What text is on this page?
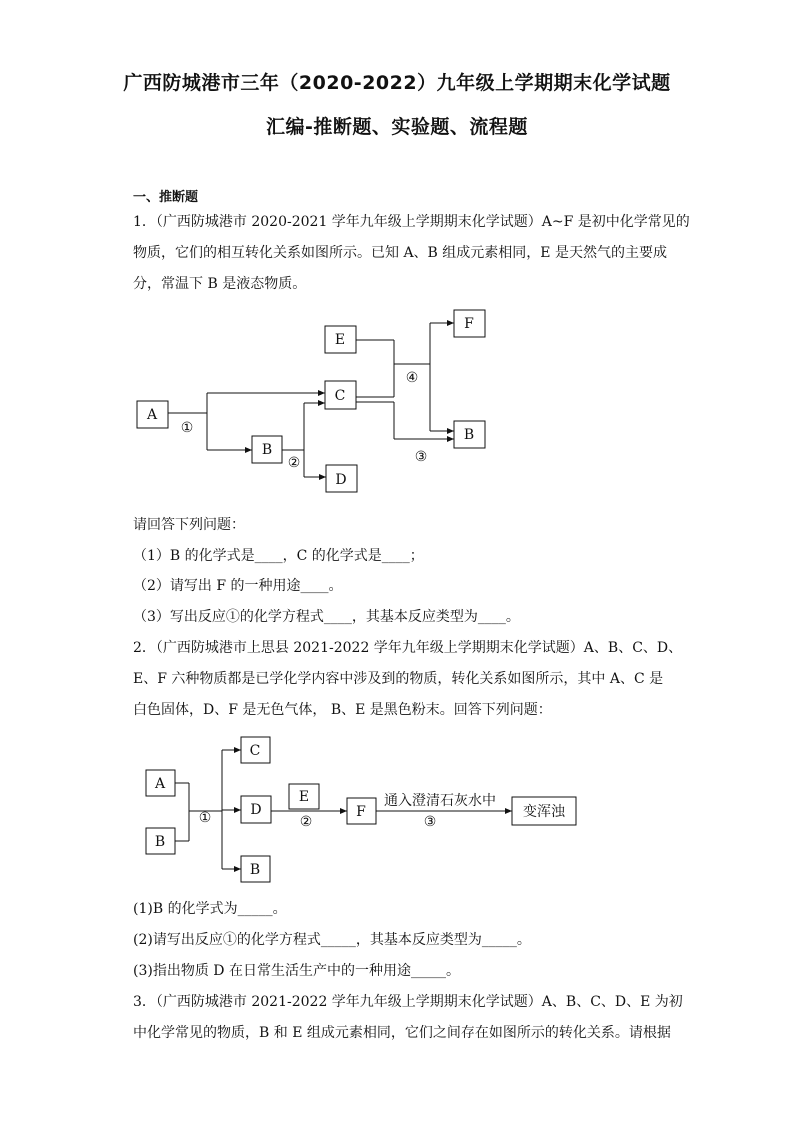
广西防城港市三年（2020-2022）九年级上学期期末化学试题
汇编-推断题、实验题、流程题
一、推断题
1．（广西防城港市 2020-2021 学年九年级上学期期末化学试题）A~F 是初中化学常见的
物质，它们的相互转化关系如图所示。已知 A、B 组成元素相同，E 是天然气的主要成
分，常温下 B 是液态物质。
A
B
C
D
E
F
B
①
②	③
④
请回答下列问题：
（1）B 的化学式是____，C 的化学式是____；
（2）请写出 F 的一种用途____。
（3）写出反应①的化学方程式____，其基本反应类型为____。
2．（广西防城港市上思县 2021-2022 学年九年级上学期期末化学试题）A、B、C、D、
E、F 六种物质都是已学化学内容中涉及到的物质，转化关系如图所示，其中 A、C 是
白色固体，D、F 是无色气体， B、E 是黑色粉末。回答下列问题：
A
B
C
D
B
E
F	变浑浊
通入澄清石灰水中
①	②	③
(1)B 的化学式为_____。
(2)请写出反应①的化学方程式_____，其基本反应类型为_____。
(3)指出物质 D 在日常生活生产中的一种用途_____。
3．（广西防城港市 2021-2022 学年九年级上学期期末化学试题）A、B、C、D、E 为初
中化学常见的物质，B 和 E 组成元素相同，它们之间存在如图所示的转化关系。请根据
